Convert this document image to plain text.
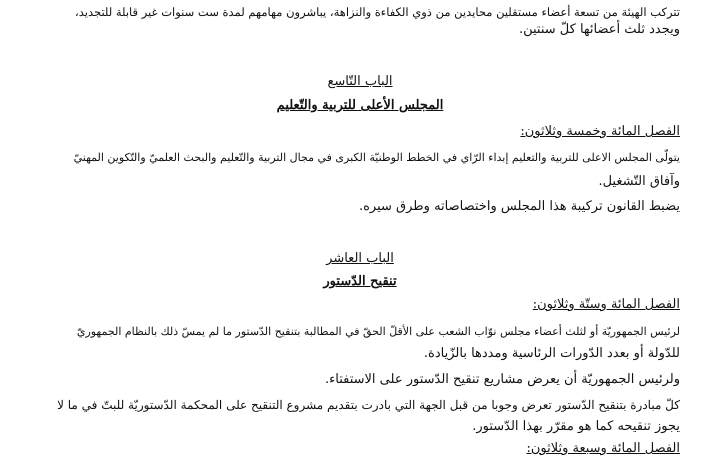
تتركب الهيئة من تسعة أعضاء مستقلين محايدين من ذوي الكفاءة والنزاهة، يباشرون مهامهم لمدة ست سنوات غير قابلة للتجديد،
ويجدد ثلث أعضائها كلّ سنتين.
الباب التّاسع
المجلس الأعلى للتربية والتّعليم
الفصل المائة وخمسة وثلاثون:
يتولّى المجلس الاعلى للتربية والتعليم إبداء الرّاي في الخطط الوطنيّة الكبرى في مجال التربية والتّعليم والبحث العلميّ والتّكوين المهنيّ
وآفاق التّشغيل.
يضبط القانون تركيبة هذا المجلس واختصاصاته وطرق سيره.
الباب العاشر
تنقيح الدّستور
الفصل المائة وستّة وثلاثون:
لرئيس الجمهوريّة أو لثلث أعضاء مجلس نوّاب الشعب على الأقلّ الحقّ في المطالبة بتنقيح الدّستور ما لم يمسّ ذلك بالنظام الجمهوريّ
للدّولة أو بعدد الدّورات الرئاسية ومددها بالزّيادة.
ولرئيس الجمهوريّة أن يعرض مشاريع تنقيح الدّستور على الاستفتاء.
كلّ مبادرة بتنقيح الدّستور تعرض وجوبا من قبل الجهة التي بادرت بتقديم مشروع التنقيح على المحكمة الدّستوريّة للبتّ في ما لا
يجوز تنقيحه كما هو مقرّر بهذا الدّستور.
الفصل المائة وسبعة وثلاثون:
